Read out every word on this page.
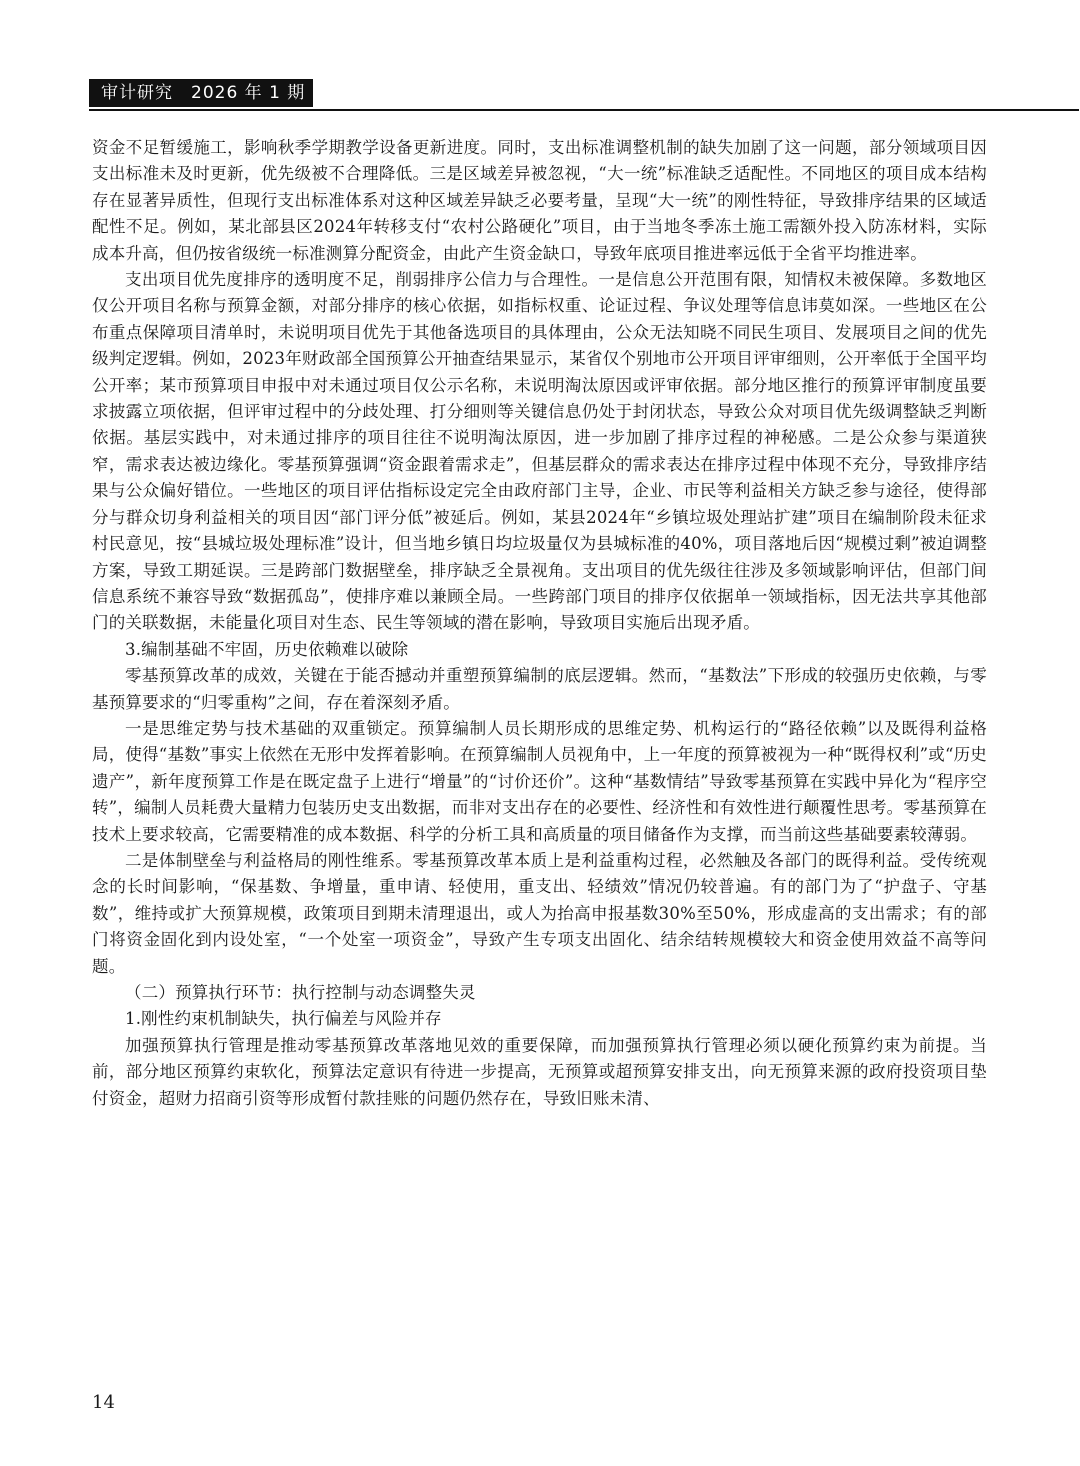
审计研究 2026 年 1 期

资金不足暂缓施工，影响秋季学期教学设备更新进度。同时，支出标准调整机制的缺失加剧了这一问题，部分领域项目因支出标准未及时更新，优先级被不合理降低。三是区域差异被忽视，“大一统”标准缺乏适配性。不同地区的项目成本结构存在显著异质性，但现行支出标准体系对这种区域差异缺乏必要考量，呈现“大一统”的刚性特征，导致排序结果的区域适配性不足。例如，某北部县区2024年转移支付“农村公路硬化”项目，由于当地冬季冻土施工需额外投入防冻材料，实际成本升高，但仍按省级统一标准测算分配资金，由此产生资金缺口，导致年底项目推进率远低于全省平均推进率。

支出项目优先度排序的透明度不足，削弱排序公信力与合理性。一是信息公开范围有限，知情权未被保障。多数地区仅公开项目名称与预算金额，对部分排序的核心依据，如指标权重、论证过程、争议处理等信息讳莫如深。一些地区在公布重点保障项目清单时，未说明项目优先于其他备选项目的具体理由，公众无法知晓不同民生项目、发展项目之间的优先级判定逻辑。例如，2023年财政部全国预算公开抽查结果显示，某省仅个别地市公开项目评审细则，公开率低于全国平均公开率；某市预算项目申报中对未通过项目仅公示名称，未说明淘汰原因或评审依据。部分地区推行的预算评审制度虽要求披露立项依据，但评审过程中的分歧处理、打分细则等关键信息仍处于封闭状态，导致公众对项目优先级调整缺乏判断依据。基层实践中，对未通过排序的项目往往不说明淘汰原因，进一步加剧了排序过程的神秘感。二是公众参与渠道狭窄，需求表达被边缘化。零基预算强调“资金跟着需求走”，但基层群众的需求表达在排序过程中体现不充分，导致排序结果与公众偏好错位。一些地区的项目评估指标设定完全由政府部门主导，企业、市民等利益相关方缺乏参与途径，使得部分与群众切身利益相关的项目因“部门评分低”被延后。例如，某县2024年“乡镇垃圾处理站扩建”项目在编制阶段未征求村民意见，按“县城垃圾处理标准”设计，但当地乡镇日均垃圾量仅为县城标准的40%，项目落地后因“规模过剩”被迫调整方案，导致工期延误。三是跨部门数据壁垒，排序缺乏全景视角。支出项目的优先级往往涉及多领域影响评估，但部门间信息系统不兼容导致“数据孤岛”，使排序难以兼顾全局。一些跨部门项目的排序仅依据单一领域指标，因无法共享其他部门的关联数据，未能量化项目对生态、民生等领域的潜在影响，导致项目实施后出现矛盾。

3.编制基础不牢固，历史依赖难以破除

零基预算改革的成效，关键在于能否撼动并重塑预算编制的底层逻辑。然而，“基数法”下形成的较强历史依赖，与零基预算要求的“归零重构”之间，存在着深刻矛盾。

一是思维定势与技术基础的双重锁定。预算编制人员长期形成的思维定势、机构运行的“路径依赖”以及既得利益格局，使得“基数”事实上依然在无形中发挥着影响。在预算编制人员视角中，上一年度的预算被视为一种“既得权利”或“历史遗产”，新年度预算工作是在既定盘子上进行“增量”的“讨价还价”。这种“基数情结”导致零基预算在实践中异化为“程序空转”，编制人员耗费大量精力包装历史支出数据，而非对支出存在的必要性、经济性和有效性进行颠覆性思考。零基预算在技术上要求较高，它需要精准的成本数据、科学的分析工具和高质量的项目储备作为支撑，而当前这些基础要素较薄弱。

二是体制壁垒与利益格局的刚性维系。零基预算改革本质上是利益重构过程，必然触及各部门的既得利益。受传统观念的长时间影响，“保基数、争增量，重申请、轻使用，重支出、轻绩效”情况仍较普遍。有的部门为了“护盘子、守基数”，维持或扩大预算规模，政策项目到期未清理退出，或人为抬高申报基数30%至50%，形成虚高的支出需求；有的部门将资金固化到内设处室，“一个处室一项资金”，导致产生专项支出固化、结余结转规模较大和资金使用效益不高等问题。

（二）预算执行环节：执行控制与动态调整失灵

1.刚性约束机制缺失，执行偏差与风险并存

加强预算执行管理是推动零基预算改革落地见效的重要保障，而加强预算执行管理必须以硬化预算约束为前提。当前，部分地区预算约束软化，预算法定意识有待进一步提高，无预算或超预算安排支出，向无预算来源的政府投资项目垫付资金，超财力招商引资等形成暂付款挂账的问题仍然存在，导致旧账未清、

14
